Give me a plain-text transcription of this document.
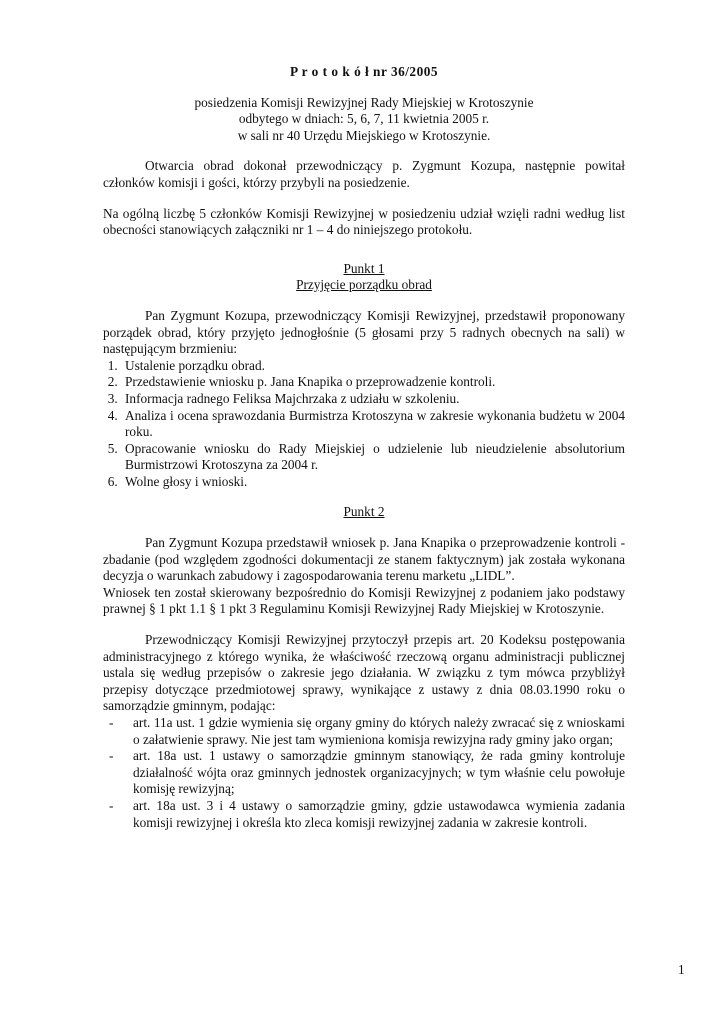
P r o t o k ó ł nr 36/2005
posiedzenia Komisji Rewizyjnej Rady Miejskiej w Krotoszynie
odbytego w dniach: 5, 6, 7, 11 kwietnia 2005 r.
w sali nr 40 Urzędu Miejskiego w Krotoszynie.

Otwarcia obrad dokonał przewodniczący p. Zygmunt Kozupa, następnie powitał członków komisji i gości, którzy przybyli na posiedzenie.

Na ogólną liczbę 5 członków Komisji Rewizyjnej w posiedzeniu udział wzięli radni według list obecności stanowiących załączniki nr 1 – 4 do niniejszego protokołu.

Punkt 1
Przyjęcie porządku obrad

Pan Zygmunt Kozupa, przewodniczący Komisji Rewizyjnej, przedstawił proponowany porządek obrad, który przyjęto jednogłośnie (5 głosami przy 5 radnych obecnych na sali) w następującym brzmieniu:

1. Ustalenie porządku obrad.
2. Przedstawienie wniosku p. Jana Knapika o przeprowadzenie kontroli.
3. Informacja radnego Feliksa Majchrzaka z udziału w szkoleniu.
4. Analiza i ocena sprawozdania Burmistrza Krotoszyna w zakresie wykonania budżetu w 2004 roku.
5. Opracowanie wniosku do Rady Miejskiej o udzielenie lub nieudzielenie absolutorium Burmistrzowi Krotoszyna za 2004 r.
6. Wolne głosy i wnioski.
Punkt 2

Pan Zygmunt Kozupa przedstawił wniosek p. Jana Knapika o przeprowadzenie kontroli - zbadanie (pod względem zgodności dokumentacji ze stanem faktycznym) jak została wykonana decyzja o warunkach zabudowy i zagospodarowania terenu marketu „LIDL”.

Wniosek ten został skierowany bezpośrednio do Komisji Rewizyjnej z podaniem jako podstawy prawnej § 1 pkt 1.1 § 1 pkt 3 Regulaminu Komisji Rewizyjnej Rady Miejskiej w Krotoszynie.

Przewodniczący Komisji Rewizyjnej przytoczył przepis art. 20 Kodeksu postępowania administracyjnego z którego wynika, że właściwość rzeczową organu administracji publicznej ustala się według przepisów o zakresie jego działania. W związku z tym mówca przybliżył przepisy dotyczące przedmiotowej sprawy, wynikające z ustawy z dnia 08.03.1990 roku o samorządzie gminnym, podając:

- art. 11a ust. 1 gdzie wymienia się organy gminy do których należy zwracać się z wnioskami o załatwienie sprawy. Nie jest tam wymieniona komisja rewizyjna rady gminy jako organ;
- art. 18a ust. 1 ustawy o samorządzie gminnym stanowiący, że rada gminy kontroluje działalność wójta oraz gminnych jednostek organizacyjnych; w tym właśnie celu powołuje komisję rewizyjną;
- art. 18a ust. 3 i 4 ustawy o samorządzie gminy, gdzie ustawodawca wymienia zadania komisji rewizyjnej i określa kto zleca komisji rewizyjnej zadania w zakresie kontroli.
1
